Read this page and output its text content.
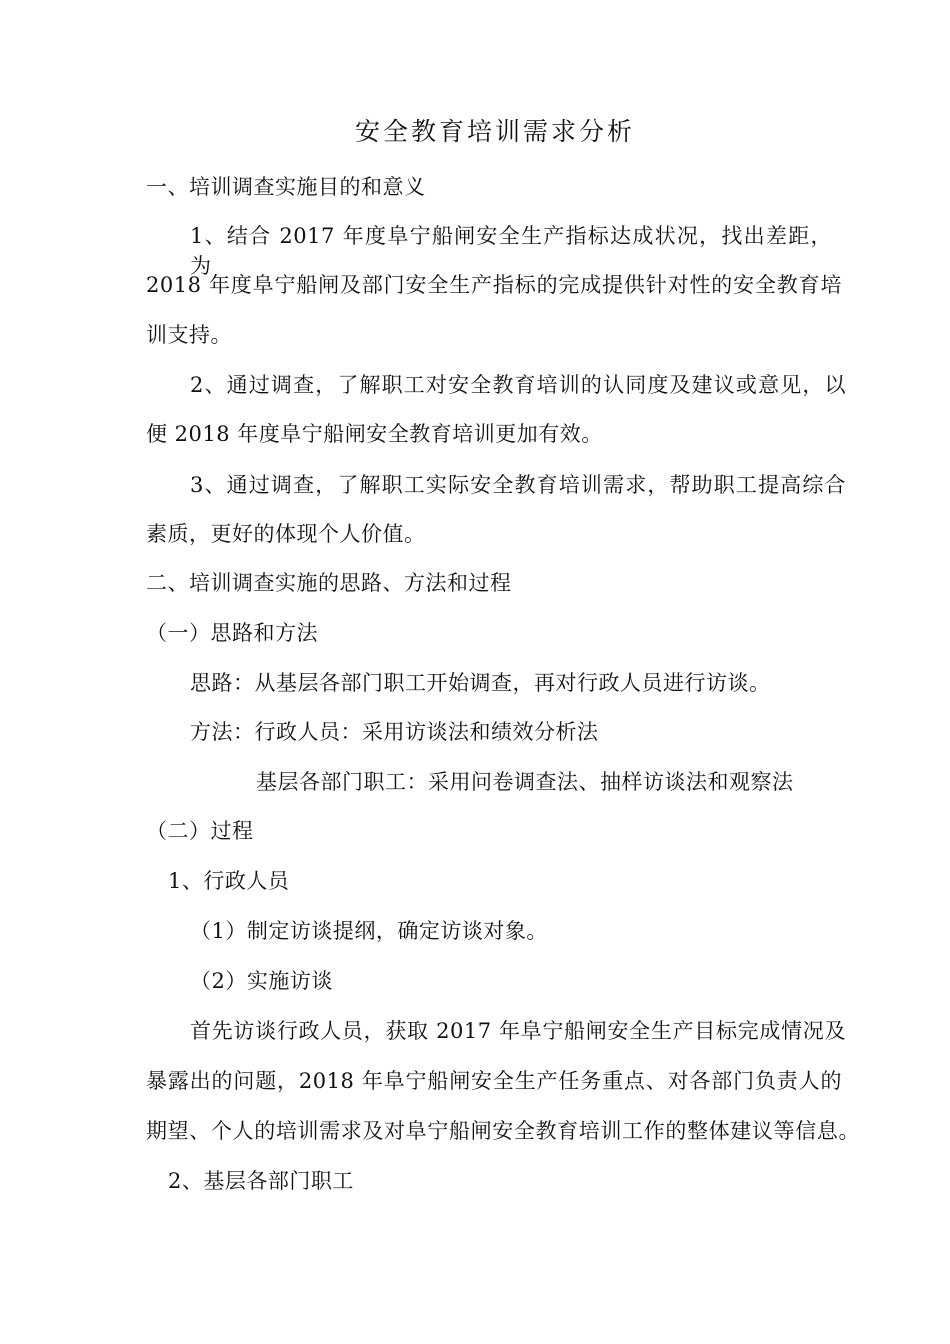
安全教育培训需求分析
一、培训调查实施目的和意义
1、结合 2017 年度阜宁船闸安全生产指标达成状况，找出差距，为
2018 年度阜宁船闸及部门安全生产指标的完成提供针对性的安全教育培
训支持。
2、通过调查，了解职工对安全教育培训的认同度及建议或意见，以
便 2018 年度阜宁船闸安全教育培训更加有效。
3、通过调查，了解职工实际安全教育培训需求，帮助职工提高综合
素质，更好的体现个人价值。
二、培训调查实施的思路、方法和过程
（一）思路和方法
思路：从基层各部门职工开始调查，再对行政人员进行访谈。
方法：行政人员：采用访谈法和绩效分析法
基层各部门职工：采用问卷调查法、抽样访谈法和观察法
（二）过程
1、行政人员
（1）制定访谈提纲，确定访谈对象。
（2）实施访谈
首先访谈行政人员，获取 2017 年阜宁船闸安全生产目标完成情况及
暴露出的问题，2018 年阜宁船闸安全生产任务重点、对各部门负责人的
期望、个人的培训需求及对阜宁船闸安全教育培训工作的整体建议等信息。
2、基层各部门职工
